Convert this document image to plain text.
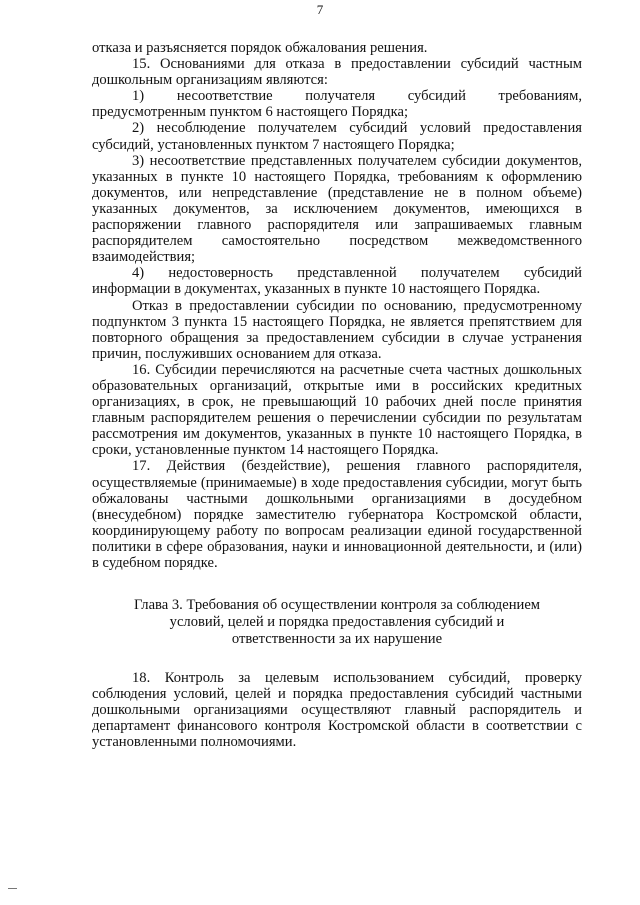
7

отказа и разъясняется порядок обжалования решения.

15. Основаниями для отказа в предоставлении субсидий частным дошкольным организациям являются:

1) несоответствие получателя субсидий требованиям, предусмотренным пунктом 6 настоящего Порядка;

2) несоблюдение получателем субсидий условий предоставления субсидий, установленных пунктом 7 настоящего Порядка;

3) несоответствие представленных получателем субсидии документов, указанных в пункте 10 настоящего Порядка, требованиям к оформлению документов, или непредставление (представление не в полном объеме) указанных документов, за исключением документов, имеющихся в распоряжении главного распорядителя или запрашиваемых главным распорядителем самостоятельно посредством межведомственного взаимодействия;

4) недостоверность представленной получателем субсидий информации в документах, указанных в пункте 10 настоящего Порядка.

Отказ в предоставлении субсидии по основанию, предусмотренному подпунктом 3 пункта 15 настоящего Порядка, не является препятствием для повторного обращения за предоставлением субсидии в случае устранения причин, послуживших основанием для отказа.

16. Субсидии перечисляются на расчетные счета частных дошкольных образовательных организаций, открытые ими в российских кредитных организациях, в срок, не превышающий 10 рабочих дней после принятия главным распорядителем решения о перечислении субсидии по результатам рассмотрения им документов, указанных в пункте 10 настоящего Порядка, в сроки, установленные пунктом 14 настоящего Порядка.

17. Действия (бездействие), решения главного распорядителя, осуществляемые (принимаемые) в ходе предоставления субсидии, могут быть обжалованы частными дошкольными организациями в досудебном (внесудебном) порядке заместителю губернатора Костромской области, координирующему работу по вопросам реализации единой государственной политики в сфере образования, науки и инновационной деятельности, и (или) в судебном порядке.

Глава 3. Требования об осуществлении контроля за соблюдением условий, целей и порядка предоставления субсидий и ответственности за их нарушение

18. Контроль за целевым использованием субсидий, проверку соблюдения условий, целей и порядка предоставления субсидий частными дошкольными организациями осуществляют главный распорядитель и департамент финансового контроля Костромской области в соответствии с установленными полномочиями.
